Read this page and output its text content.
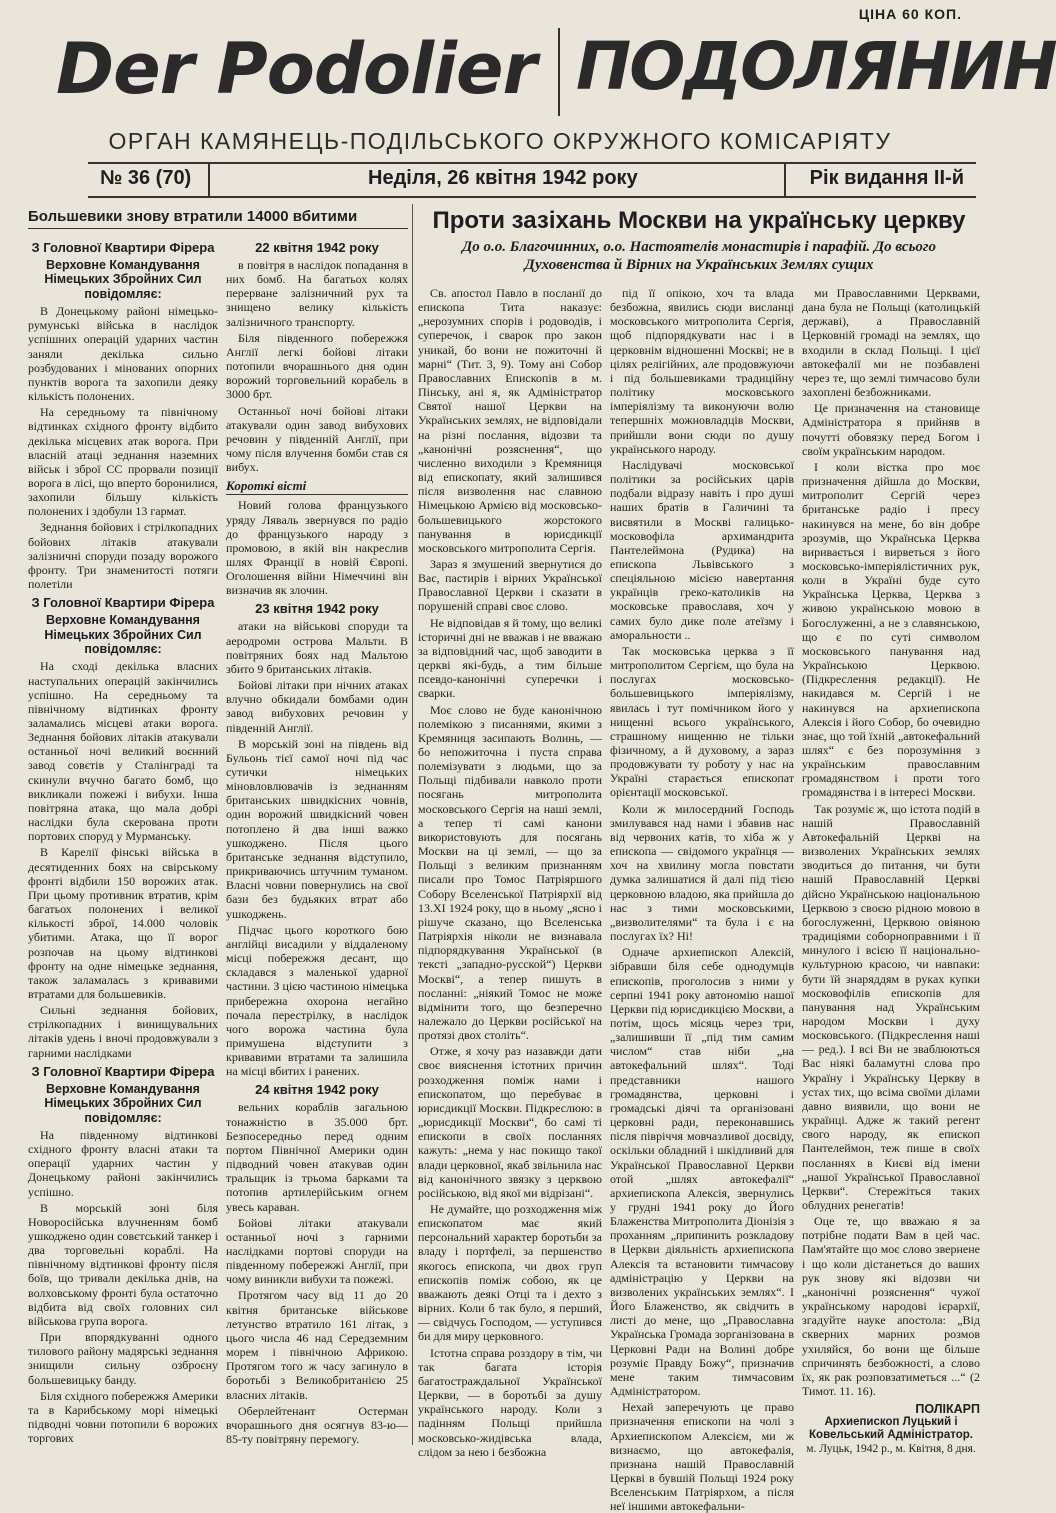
ЦІНА 60 КОП.
Der Podolier ПОДОЛЯНИН
ОРГАН КАМЯНЕЦЬ-ПОДІЛЬСЬКОГО ОКРУЖНОГО КОМІСАРІЯТУ
№ 36 (70)	Неділя, 26 квітня 1942 року	Рік видання ІІ-й
Большевики знову втратили 14000 вбитими
З Головної Квартири Фірера
Верховне Командування Німецьких Збройних Сил повідомляє:
В Донецькому районі німецько-румунські війська в наслідок успішних операцій ударних частин заняли декілька сильно розбудованих і мінованих опорних пунктів ворога та захопили деяку кількість полонених.
На середньому та північному відтинках східного фронту відбито декілька місцевих атак ворога. При власній атаці зеднання наземних військ і зброї СС прорвали позиції ворога в лісі, що вперто боронилися, захопили більшу кількість полонених і здобули 13 гармат.
Зеднання бойових і стрілкопадних бойових літаків атакували залізничні споруди позаду ворожого фронту. Три знаменитості потяги полетіли
З Головної Квартири Фірера
Верховне Командування Німецьких Збройних Сил повідомляє:
На сході декілька власних наступальних операцій закінчились успішно. На середньому та північному відтинках фронту заламались місцеві атаки ворога. Зеднання бойових літаків атакували останньої ночі великий воєнний завод совєтів у Сталінграді та скинули вчучно багато бомб, що викликали пожежі і вибухи. Інша повітряна атака, що мала добрі наслідки була скерована проти портових споруд у Мурманську.
В Карелії фінські війська в десятиденних боях на свірському фронті відбили 150 ворожих атак. При цьому противник втратив, крім багатьох полонених і великої кількості зброї, 14.000 чоловік убитими. Атака, що її ворог розпочав на цьому відтинкові фронту на одне німецьке зеднання, також заламалась з кривавими втратами для большевиків.
Сильні зеднання бойових, стрілкопадних і винищувальних літаків удень і вночі продовжували з гарними наслідками
З Головної Квартири Фірера
Верховне Командування Німецьких Збройних Сил повідомляє:
На південному відтинкові східного фронту власні атаки та операції ударних частин у Донецькому районі закінчились успішно.
В морській зоні біля Новоросійська влучненням бомб ушкоджено один совєтський танкер і два торговельні кораблі. На північному відтинкові фронту після боїв, що тривали декілька днів, на волховському фронті була остаточно відбита від своїх головних сил військова група ворога.
При впорядкуванні одного тилового району мадярські зеднання знищили сильну озброєну большевицьку банду.
Біля східного побережжя Америки та в Карибському морі німецькі підводні човни потопили 6 ворожих торгових
22 квітня 1942 року
в повітря в наслідок попадання в них бомб. На багатьох колях перерване залізничний рух та знищено велику кількість залізничного транспорту.
Біля південного побережжя Англії легкі бойові літаки потопили вчорашнього дня один ворожий торговельний корабель в 3000 брт.
Останньої ночі бойові літаки атакували один завод вибухових речовин у південній Англії, при чому після влучення бомби став ся вибух.
Короткі вісті
Новий голова французького уряду Ляваль звернувся по радіо до французького народу з промовою, в якій він накреслив шлях Франції в новій Європі. Оголошення війни Німеччині він визначив як злочин.
23 квітня 1942 року
атаки на військові споруди та аеродроми острова Мальти. В повітряних боях над Мальтою збито 9 британських літаків.
Бойові літаки при нічних атаках влучно обкидали бомбами один завод вибухових речовин у південній Англії.
В морській зоні на південь від Бульонь тієї самої ночі під час сутички німецьких міновловлювачів із зеднанням британських швидкісних човнів, один ворожий швидкісний човен потоплено й два інші важко ушкоджено. Після цього британське зеднання відступило, прикриваючись штучним туманом. Власні човни повернулись на свої бази без будьяких втрат або ушкоджень.
Підчас цього короткого бою англійці висадили у віддаленому місці побережжя десант, що складався з маленької ударної частини. З цією частиною німецька прибережна охорона негайно почала перестрілку, в наслідок чого ворожа частина була примушена відступити з кривавими втратами та залишила на місці вбитих і ранених.
24 квітня 1942 року
вельних кораблів загальною тонажністю в 35.000 брт. Безпосередньо перед одним портом Північної Америки один підводний човен атакував один тральщик із трьома барками та потопив артилерійським огнем увесь караван.
Бойові літаки атакували останньої ночі з гарними наслідками портові споруди на південному побережжі Англії, при чому виникли вибухи та пожежі.
Протягом часу від 11 до 20 квітня британське військове летунство втратило 161 літак, з цього числа 46 над Середземним морем і північною Африкою. Протягом того ж часу загинуло в боротьбі з Великобританією 25 власних літаків.
Оберлейтенант Остерман вчорашнього дня осягнув 83-ю—85-ту повітряну перемогу.
Проти зазіхань Москви на українську церкву
До о.о. Благочинних, о.о. Настоятелів монастирів і парафій. До всього Духовенства й Вірних на Українських Землях сущих

Св. апостол Павло в посланії до епископа Тита наказує: „нерозумних спорів і родоводів, і суперечок, і сварок про закон уникай, бо вони не пожиточні й марні“ (Тит. 3, 9). Тому ані Собор Православних Епископів в м. Пінську, ані я, як Адміністратор Святої нашої Церкви на Українських землях, не відповідали на різні послання, відозви та „канонічні розяснення“, що численно виходили з Кремяниця від епископату, який залишився після визволення нас славною Німецькою Армією від московсько-большевицького жорстокого панування в юрисдикції московського митрополита Сергія.

Зараз я змушений звернутися до Вас, пастирів і вірних Української Православної Церкви і сказати в порушеній справі своє слово.

Не відповідав я й тому, що великі історичні дні не вважав і не вважаю за відповідний час, щоб заводити в церкві які-будь, а тим більше псевдо-канонічні суперечки і сварки.

Моє слово не буде канонічною полемікою з писаннями, якими з Кремяниця засипають Волинь, — бо непожиточна і пуста справа полемізувати з людьми, що за Польщі підбивали навколо проти посягань митрополита московського Сергія на наші землі, а тепер ті самі канони використовують для посягань Москви на ці землі, — що за Польщі з великим признанням писали про Томос Патріяршого Собору Вселенської Патріярхії від 13.XI 1924 року, що в ньому „ясно і рішуче сказано, що Вселенська Патріярхія ніколи не визнавала підпорядкування Української (в тексті „западно-русской“) Церкви Москві“, а тепер пишуть в посланні: „ніякий Томос не може відмінити того, що безперечно належало до Церкви російської на протязі двох століть“.

Отже, я хочу раз назавжди дати своє вияснення істотних причин розходження поміж нами і епископатом, що перебуває в юрисдикції Москви. Підкреслюю: в „юрисдикції Москви“, бо самі ті епископи в своїх посланнях кажуть: „нема у нас покищо такої влади церковної, якаб звільнила нас від канонічного звязку з церквою російською, від якої ми відрізані“.

Не думайте, що розходження між епископатом має який персональний характер боротьби за владу і портфелі, за першенство якогось епископа, чи двох груп епископів поміж собою, як це вважають деякі Отці та і дехто з вірних. Коли б так було, я перший, — свідчусь Господом, — уступився би для миру церковного.

Істотна справа розздору в тім, чи так багата історія багатостраждальної Української Церкви, — в боротьбі за душу українського народу. Коли з падінням Польщі прийшла московсько-жидівська влада, слідом за нею і безбожна

під її опікою, хоч та влада безбожна, явились сюди висланці московського митрополита Сергія, щоб підпорядкувати нас і в церковнім відношенні Москві; не в цілях релігійних, але продовжуючи і під большевиками традиційну політику московського імперіялізму та виконуючи волю тепершніх можновладців Москви, прийшли вони сюди по душу українського народу.

Наслідувачі московської політики за російських царів подбали відразу навіть і про душі наших братів в Галичині та висвятили в Москві галицько-московофіла архимандрита Пантелеймона (Рудика) на епископа Львівського з спеціяльною місією навертання українців греко-католиків на московське православя, хоч у самих було дике поле атеїзму і аморальности ..

Так московська церква з її митрополитом Сергієм, що була на послугах московсько-большевицького імперіялізму, явилась і тут помічником його у нищенні всього українського, страшному нищенню не тільки фізичному, а й духовому, а зараз продовжувати ту роботу у нас на Україні старається епископат орієнтації московської.

Коли ж милосердний Господь змилувався над нами і збавив нас від червоних катів, то хіба ж у епископа — свідомого українця — хоч на хвилину могла повстати думка залишатися й далі під тією церковною владою, яка прийшла до нас з тими московськими, „визволителями“ та була і є на послугах їх? Ні!

Одначе архиепископ Алексій, зібравши біля себе однодумців епископів, проголосив з ними у серпні 1941 року автономію нашої Церкви під юрисдикцією Москви, а потім, щось місяць через три, „залишивши її „під тим самим числом“ став ніби „на автокефальний шлях“. Тоді представники нашого громадянства, церковні і громадські діячі та організовані церковні ради, переконавшись після півріччя мовчазливої досвіду, оскільки обладний і шкідливий для Української Православної Церкви отой „шлях автокефалії“ архиепископа Алексія, звернулись у грудні 1941 року до Його Блаженства Митрополита Діонізія з проханням „припинить розкладову в Церкви діяльність архиепископа Алексія та встановити тимчасову адміністрацію у Церкви на визволених українських землях“. І Його Блаженство, як свідчить в листі до мене, що „Православна Українська Громада зорганізована в Церковні Ради на Волині добре розуміє Правду Божу“, призначив мене таким тимчасовим Адміністратором.

Нехай заперечують це право призначення епископи на чолі з Архиепископом Алексієм, ми ж визнаємо, що автокефалія, признана нашій Православній Церкві в бувшій Польщі 1924 року Вселенським Патріярхом, а після неї іншими автокефальни-

ми Православними Церквами, дана була не Польщі (католицькій державі), а Православній Церковній громаді на землях, що входили в склад Польщі. І цієї автокефалії ми не позбавлені через те, що землі тимчасово були захоплені безбожниками.

Це призначення на становище Адміністратора я прийняв в почутті обовязку перед Богом і своїм українським народом.

І коли вістка про моє призначення дійшла до Москви, митрополит Сергій через британське радіо і пресу накинувся на мене, бо він добре зрозумів, що Українська Церква виривається і вирветься з його московсько-імперіялістичних рук, коли в Україні буде суто Українська Церква, Церква з живою українською мовою в Богослуженні, а не з славянською, що є по суті символом московського панування над Українською Церквою. (Підкреслення редакції). Не накидався м. Сергій і не накинувся на архиепископа Алексія і його Собор, бо очевидно знає, що той їхній „автокефальний шлях“ є без порозуміння з українським православним громадянством і проти того громадянства і в інтересі Москви.

Так розуміє ж, що істота подій в нашій Православній Автокефальній Церкві на визволених Українських землях зводиться до питання, чи бути нашій Православній Церкві дійсно Українською національною Церквою з своєю рідною мовою в богослуженні, Церквою овіяною традиціями соборноправними і її минулого і всією її національно-культурною красою, чи навпаки: бути їй знаряддям в руках купки московофілів епископів для панування над Українським народом Москви і духу московського. (Підкреслення наші — ред.). І всі Ви не зваблюються Вас ніякі баламутні слова про Україну і Українську Церкву в устах тих, що всіма своїми ділами давно виявили, що вони не українці. Адже ж такий регент свого народу, як епископ Пантелеймон, теж пише в своїх посланнях в Києві від імени „нашої Української Православної Церкви“. Стережіться таких облудних ренегатів!

Оце те, що вважаю я за потрібне подати Вам в цей час. Пам'ятайте що моє слово звернене і що коли дістанеться до вашиx рук знову які відозви чи „канонічні розяснення“ чужої українському народові ієрархії, згадуйте наукe апостола: „Від скверних марних розмов ухиляйся, бо вони ще більше спричинять безбожності, а слово їх, як рак розповзатиметься ...“ (2 Тимот. 11. 16).

ПОЛІКАРП
Архиепископ Луцький і Ковельський Адміністратор.
м. Луцьк, 1942 р., м. Квітня, 8 дня.
